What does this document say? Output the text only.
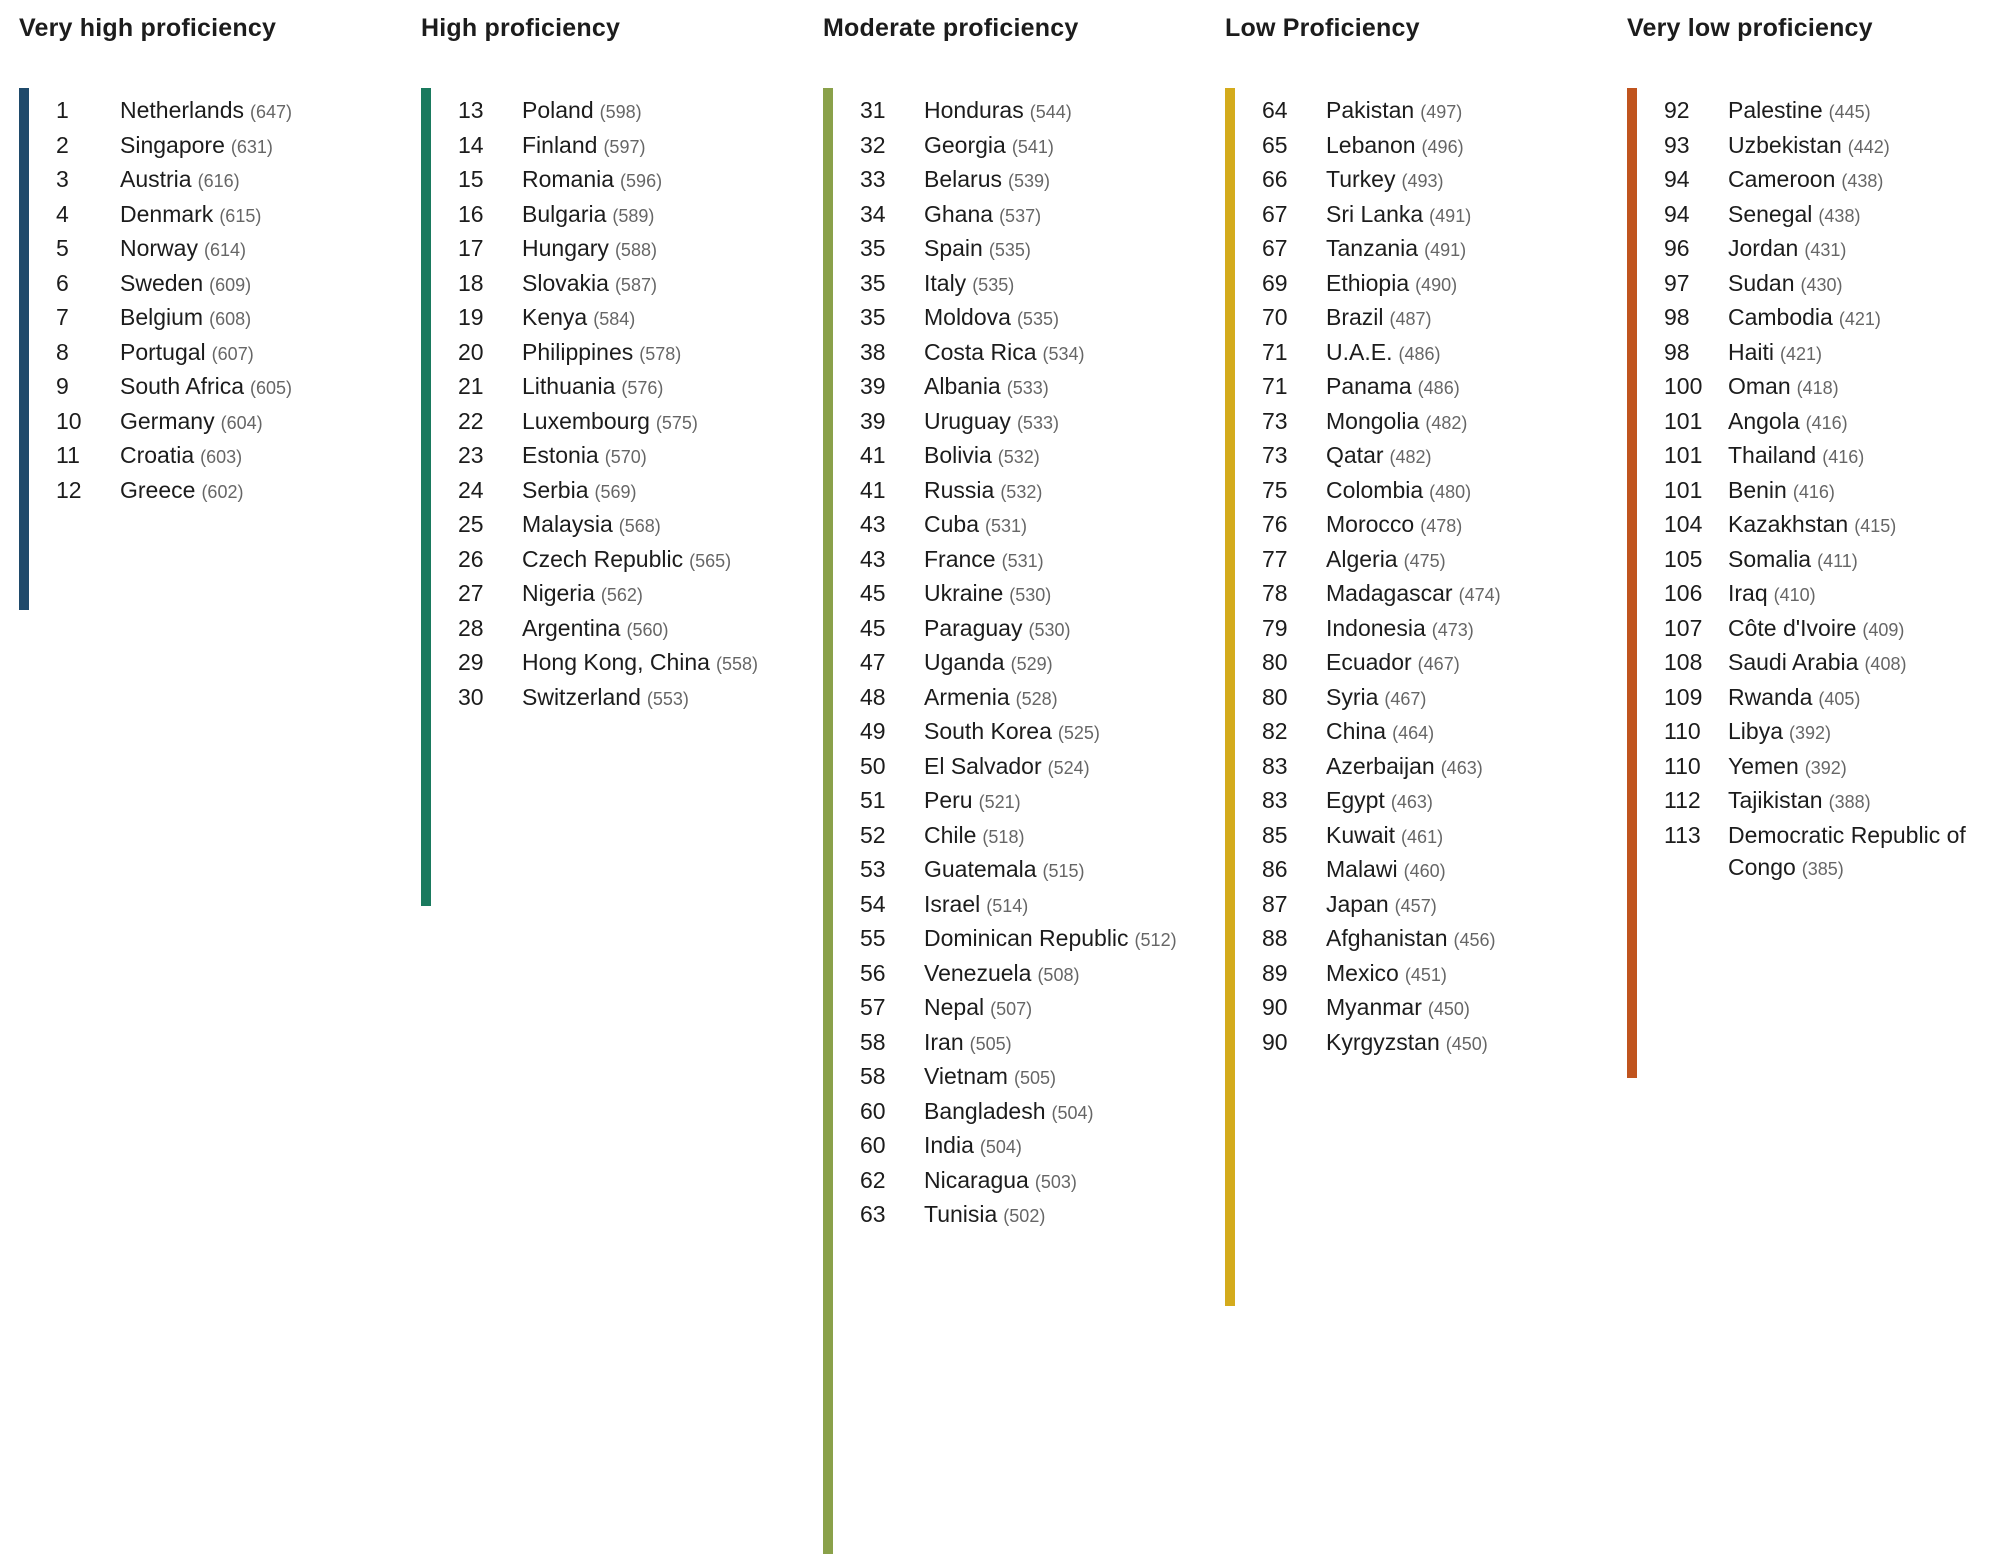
Very high proficiency
1	Netherlands (647)
2	Singapore (631)
3	Austria (616)
4	Denmark (615)
5	Norway (614)
6	Sweden (609)
7	Belgium (608)
8	Portugal (607)
9	South Africa (605)
10	Germany (604)
11	Croatia (603)
12	Greece (602)
High proficiency
13	Poland (598)
14	Finland (597)
15	Romania (596)
16	Bulgaria (589)
17	Hungary (588)
18	Slovakia (587)
19	Kenya (584)
20	Philippines (578)
21	Lithuania (576)
22	Luxembourg (575)
23	Estonia (570)
24	Serbia (569)
25	Malaysia (568)
26	Czech Republic (565)
27	Nigeria (562)
28	Argentina (560)
29	Hong Kong, China (558)
30	Switzerland (553)
Moderate proficiency
31	Honduras (544)
32	Georgia (541)
33	Belarus (539)
34	Ghana (537)
35	Spain (535)
35	Italy (535)
35	Moldova (535)
38	Costa Rica (534)
39	Albania (533)
39	Uruguay (533)
41	Bolivia (532)
41	Russia (532)
43	Cuba (531)
43	France (531)
45	Ukraine (530)
45	Paraguay (530)
47	Uganda (529)
48	Armenia (528)
49	South Korea (525)
50	El Salvador (524)
51	Peru (521)
52	Chile (518)
53	Guatemala (515)
54	Israel (514)
55	Dominican Republic (512)
56	Venezuela (508)
57	Nepal (507)
58	Iran (505)
58	Vietnam (505)
60	Bangladesh (504)
60	India (504)
62	Nicaragua (503)
63	Tunisia (502)
Low Proficiency
64	Pakistan (497)
65	Lebanon (496)
66	Turkey (493)
67	Sri Lanka (491)
67	Tanzania (491)
69	Ethiopia (490)
70	Brazil (487)
71	U.A.E. (486)
71	Panama (486)
73	Mongolia (482)
73	Qatar (482)
75	Colombia (480)
76	Morocco (478)
77	Algeria (475)
78	Madagascar (474)
79	Indonesia (473)
80	Ecuador (467)
80	Syria (467)
82	China (464)
83	Azerbaijan (463)
83	Egypt (463)
85	Kuwait (461)
86	Malawi (460)
87	Japan (457)
88	Afghanistan (456)
89	Mexico (451)
90	Myanmar (450)
90	Kyrgyzstan (450)
Very low proficiency
92	Palestine (445)
93	Uzbekistan (442)
94	Cameroon (438)
94	Senegal (438)
96	Jordan (431)
97	Sudan (430)
98	Cambodia (421)
98	Haiti (421)
100	Oman (418)
101	Angola (416)
101	Thailand (416)
101	Benin (416)
104	Kazakhstan (415)
105	Somalia (411)
106	Iraq (410)
107	Côte d'Ivoire (409)
108	Saudi Arabia (408)
109	Rwanda (405)
110	Libya (392)
110	Yemen (392)
112	Tajikistan (388)
113	Democratic Republic of Congo (385)
